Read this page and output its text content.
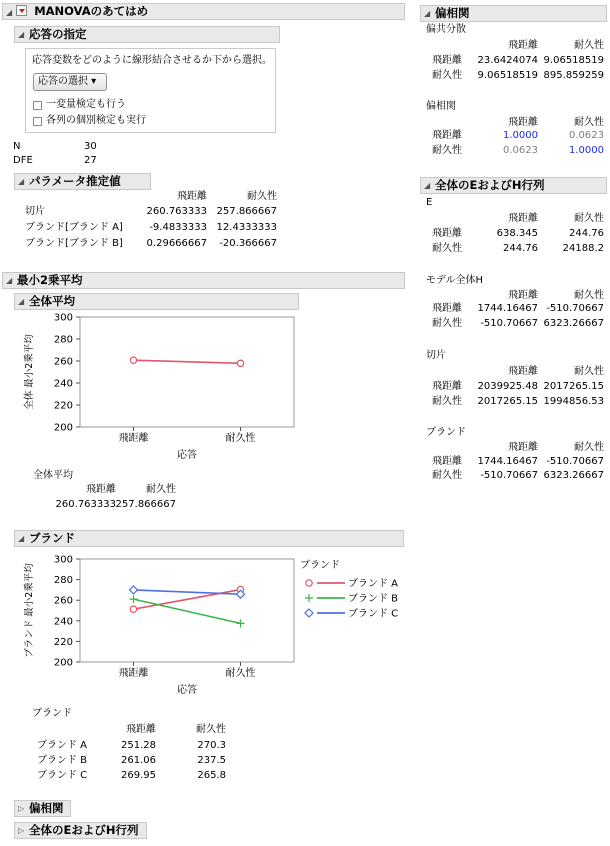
◢ MANOVAのあてはめ
◢ 応答の指定
応答変数をどのように線形結合させるか下から選択。
応答の選択 ▾
一変量検定も行う
各列の個別検定も実行
N	30
DFE	27
◢ パラメータ推定値
飛距離	耐久性
切片	260.763333 257.866667
ブランド[ブランド A]	-9.4833333 12.4333333
ブランド[ブランド B]	0.29666667	-20.366667
◢ 最小2乗平均
◢ 全体平均
300
280
260
240
220
200
飛距離	耐久性
応答
全体 最小2乗平均
全体平均
飛距離	耐久性
260.763333 257.866667
◢ ブランド
300
280
260
240
220
200
飛距離	耐久性
応答
ブランド 最小2乗平均	ブランド
ブランド A
ブランド B
ブランド C
ブランド
飛距離	耐久性
ブランド A	251.28	270.3
ブランド B	261.06	237.5
ブランド C	269.95	265.8
▷ 偏相関
▷ 全体のEおよびH行列
◢ 偏相関
偏共分散
飛距離	耐久性
飛距離	23.6424074 9.06518519
耐久性	9.06518519 895.859259
偏相関
飛距離	耐久性
飛距離	1.0000	0.0623
耐久性	0.0623	1.0000
◢ 全体のEおよびH行列
E
飛距離	耐久性
飛距離	638.345	244.76
耐久性	244.76	24188.2
モデル全体H
飛距離	耐久性
飛距離	1744.16467 -510.70667
耐久性	-510.70667 6323.26667
切片
飛距離	耐久性
飛距離	2039925.48 2017265.15
耐久性	2017265.15 1994856.53
ブランド
飛距離	耐久性
飛距離	1744.16467 -510.70667
耐久性	-510.70667 6323.26667
